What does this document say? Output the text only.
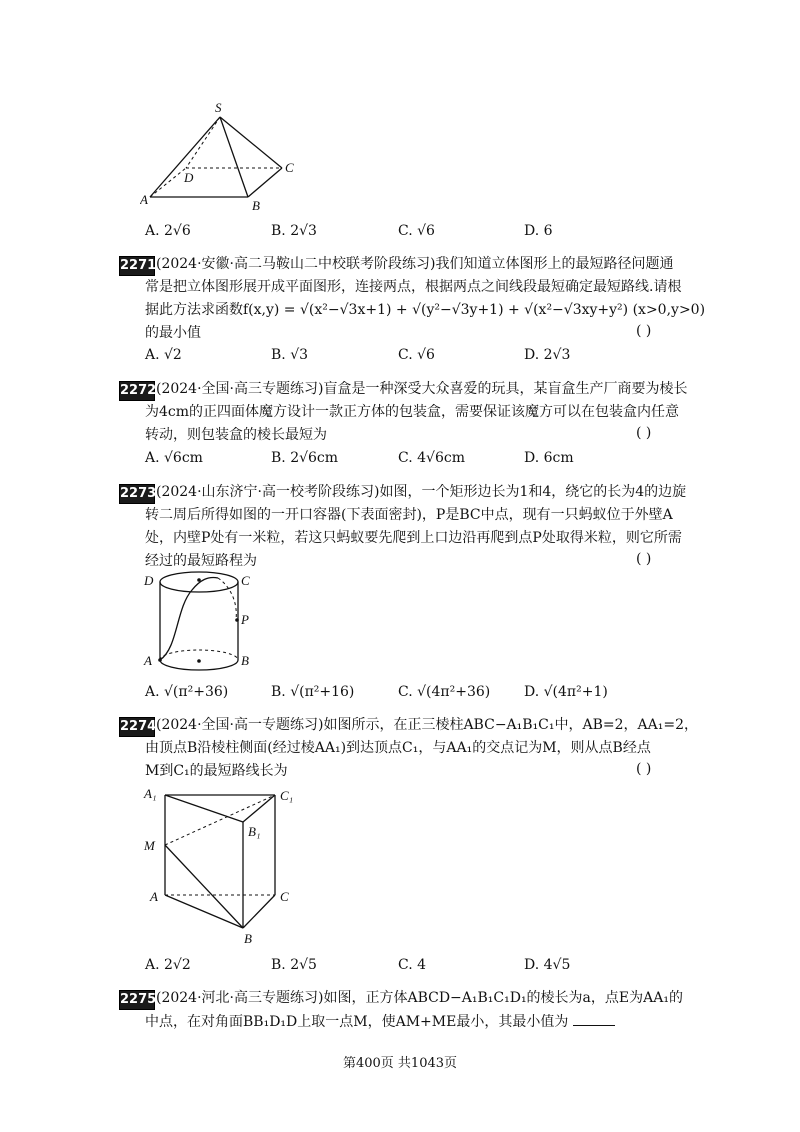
S
D
C
A	B
A. 2√6	B. 2√3	C. √6	D. 6
2271 (2024·安徽·高二马鞍山二中校联考阶段练习)我们知道立体图形上的最短路径问题通
常是把立体图形展开成平面图形，连接两点，根据两点之间线段最短确定最短路线.请根
据此方法求函数f(x,y) = √(x²−√3x+1) + √(y²−√3y+1) + √(x²−√3xy+y²) (x>0,y>0)
的最小值	( )
A. √2	B. √3	C. √6	D. 2√3
2272 (2024·全国·高三专题练习)盲盒是一种深受大众喜爱的玩具，某盲盒生产厂商要为棱长
为4cm的正四面体魔方设计一款正方体的包装盒，需要保证该魔方可以在包装盒内任意
转动，则包装盒的棱长最短为	( )
A. √6cm	B. 2√6cm	C. 4√6cm	D. 6cm
2273 (2024·山东济宁·高一校考阶段练习)如图，一个矩形边长为1和4，绕它的长为4的边旋
转二周后所得如图的一开口容器(下表面密封)，P是BC中点，现有一只蚂蚁位于外壁A
处，内壁P处有一米粒，若这只蚂蚁要先爬到上口边沿再爬到点P处取得米粒，则它所需
经过的最短路程为	( )
D	C
P
A	B
A. √(π²+36)	B. √(π²+16)	C. √(4π²+36) D. √(4π²+1)
2274 (2024·全国·高一专题练习)如图所示，在正三棱柱ABC−A₁B₁C₁中，AB=2，AA₁=2，
由顶点B沿棱柱侧面(经过棱AA₁)到达顶点C₁，与AA₁的交点记为M，则从点B经点
M到C₁的最短路线长为	( )
A₁	C₁
B₁
M
A	C
B
A. 2√2	B. 2√5	C. 4	D. 4√5
2275 (2024·河北·高三专题练习)如图，正方体ABCD−A₁B₁C₁D₁的棱长为a，点E为AA₁的
中点，在对角面BB₁D₁D上取一点M，使AM+ME最小，其最小值为
第400页 共1043页
